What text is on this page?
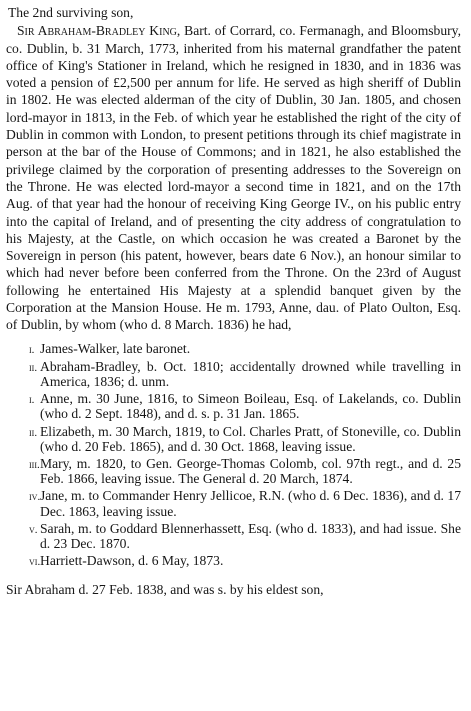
The 2nd surviving son,

Sir Abraham-Bradley King, Bart. of Corrard, co. Fermanagh, and Bloomsbury, co. Dublin, b. 31 March, 1773, inherited from his maternal grandfather the patent office of King's Stationer in Ireland, which he resigned in 1830, and in 1836 was voted a pension of £2,500 per annum for life. He served as high sheriff of Dublin in 1802. He was elected alderman of the city of Dublin, 30 Jan. 1805, and chosen lord-mayor in 1813, in the Feb. of which year he established the right of the city of Dublin in common with London, to present petitions through its chief magistrate in person at the bar of the House of Commons; and in 1821, he also established the privilege claimed by the corporation of presenting addresses to the Sovereign on the Throne. He was elected lord-mayor a second time in 1821, and on the 17th Aug. of that year had the honour of receiving King George IV., on his public entry into the capital of Ireland, and of presenting the city address of congratulation to his Majesty, at the Castle, on which occasion he was created a Baronet by the Sovereign in person (his patent, however, bears date 6 Nov.), an honour similar to which had never before been conferred from the Throne. On the 23rd of August following he entertained His Majesty at a splendid banquet given by the Corporation at the Mansion House. He m. 1793, Anne, dau. of Plato Oulton, Esq. of Dublin, by whom (who d. 8 March. 1836) he had,

i. James-Walker, late baronet.
ii. Abraham-Bradley, b. Oct. 1810; accidentally drowned while travelling in America, 1836; d. unm.
i. Anne, m. 30 June, 1816, to Simeon Boileau, Esq. of Lakelands, co. Dublin (who d. 2 Sept. 1848), and d. s. p. 31 Jan. 1865.
ii. Elizabeth, m. 30 March, 1819, to Col. Charles Pratt, of Stoneville, co. Dublin (who d. 20 Feb. 1865), and d. 30 Oct. 1868, leaving issue.
iii.Mary, m. 1820, to Gen. George-Thomas Colomb, col. 97th regt., and d. 25 Feb. 1866, leaving issue. The General d. 20 March, 1874.
iv.Jane, m. to Commander Henry Jellicoe, R.N. (who d. 6 Dec. 1836), and d. 17 Dec. 1863, leaving issue.
v. Sarah, m. to Goddard Blennerhassett, Esq. (who d. 1833), and had issue. She d. 23 Dec. 1870.
vi.Harriett-Dawson, d. 6 May, 1873.

Sir Abraham d. 27 Feb. 1838, and was s. by his eldest son,
